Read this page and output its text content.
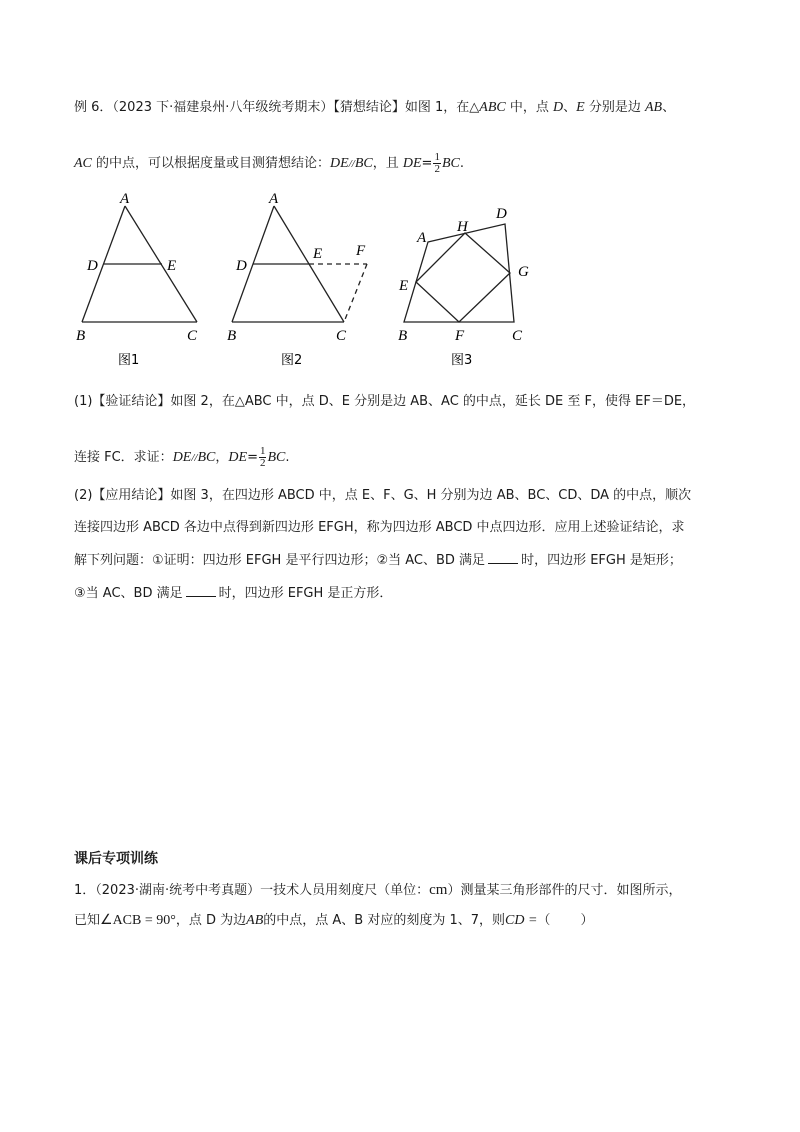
例 6．（2023 下·福建泉州·八年级统考期末）【猜想结论】如图 1，在△ABC 中，点 D、E 分别是边 AB、
AC 的中点，可以根据度量或目测猜想结论：DE//BC，且 $DE= \frac{1}{2}$ BC.
A
D	E
B	C
图1
A
D
E F
B	C
图2
A
H
D
G
E
B	F	C
图3
(1)【验证结论】如图 2，在△ABC 中，点 D、E 分别是边 AB、AC 的中点，延长 DE 至 F，使得 EF＝DE，
连接 FC．求证：DE//BC，$DE= \frac{1}{2}$ BC.
(2)【应用结论】如图 3，在四边形 ABCD 中，点 E、F、G、H 分别为边 AB、BC、CD、DA 的中点，顺次
连接四边形 ABCD 各边中点得到新四边形 EFGH，称为四边形 ABCD 中点四边形．应用上述验证结论，求
解下列问题：①证明：四边形 EFGH 是平行四边形；②当 AC、BD 满足	时，四边形 EFGH 是矩形；
③当 AC、BD 满足	时，四边形 EFGH 是正方形．
课后专项训练
1．（2023·湖南·统考中考真题）一技术人员用刻度尺（单位：cm）测量某三角形部件的尺寸．如图所示，
已知∠ACB = 90°，点 D 为边AB的中点，点 A、B 对应的刻度为 1、7，则CD =（ ）
